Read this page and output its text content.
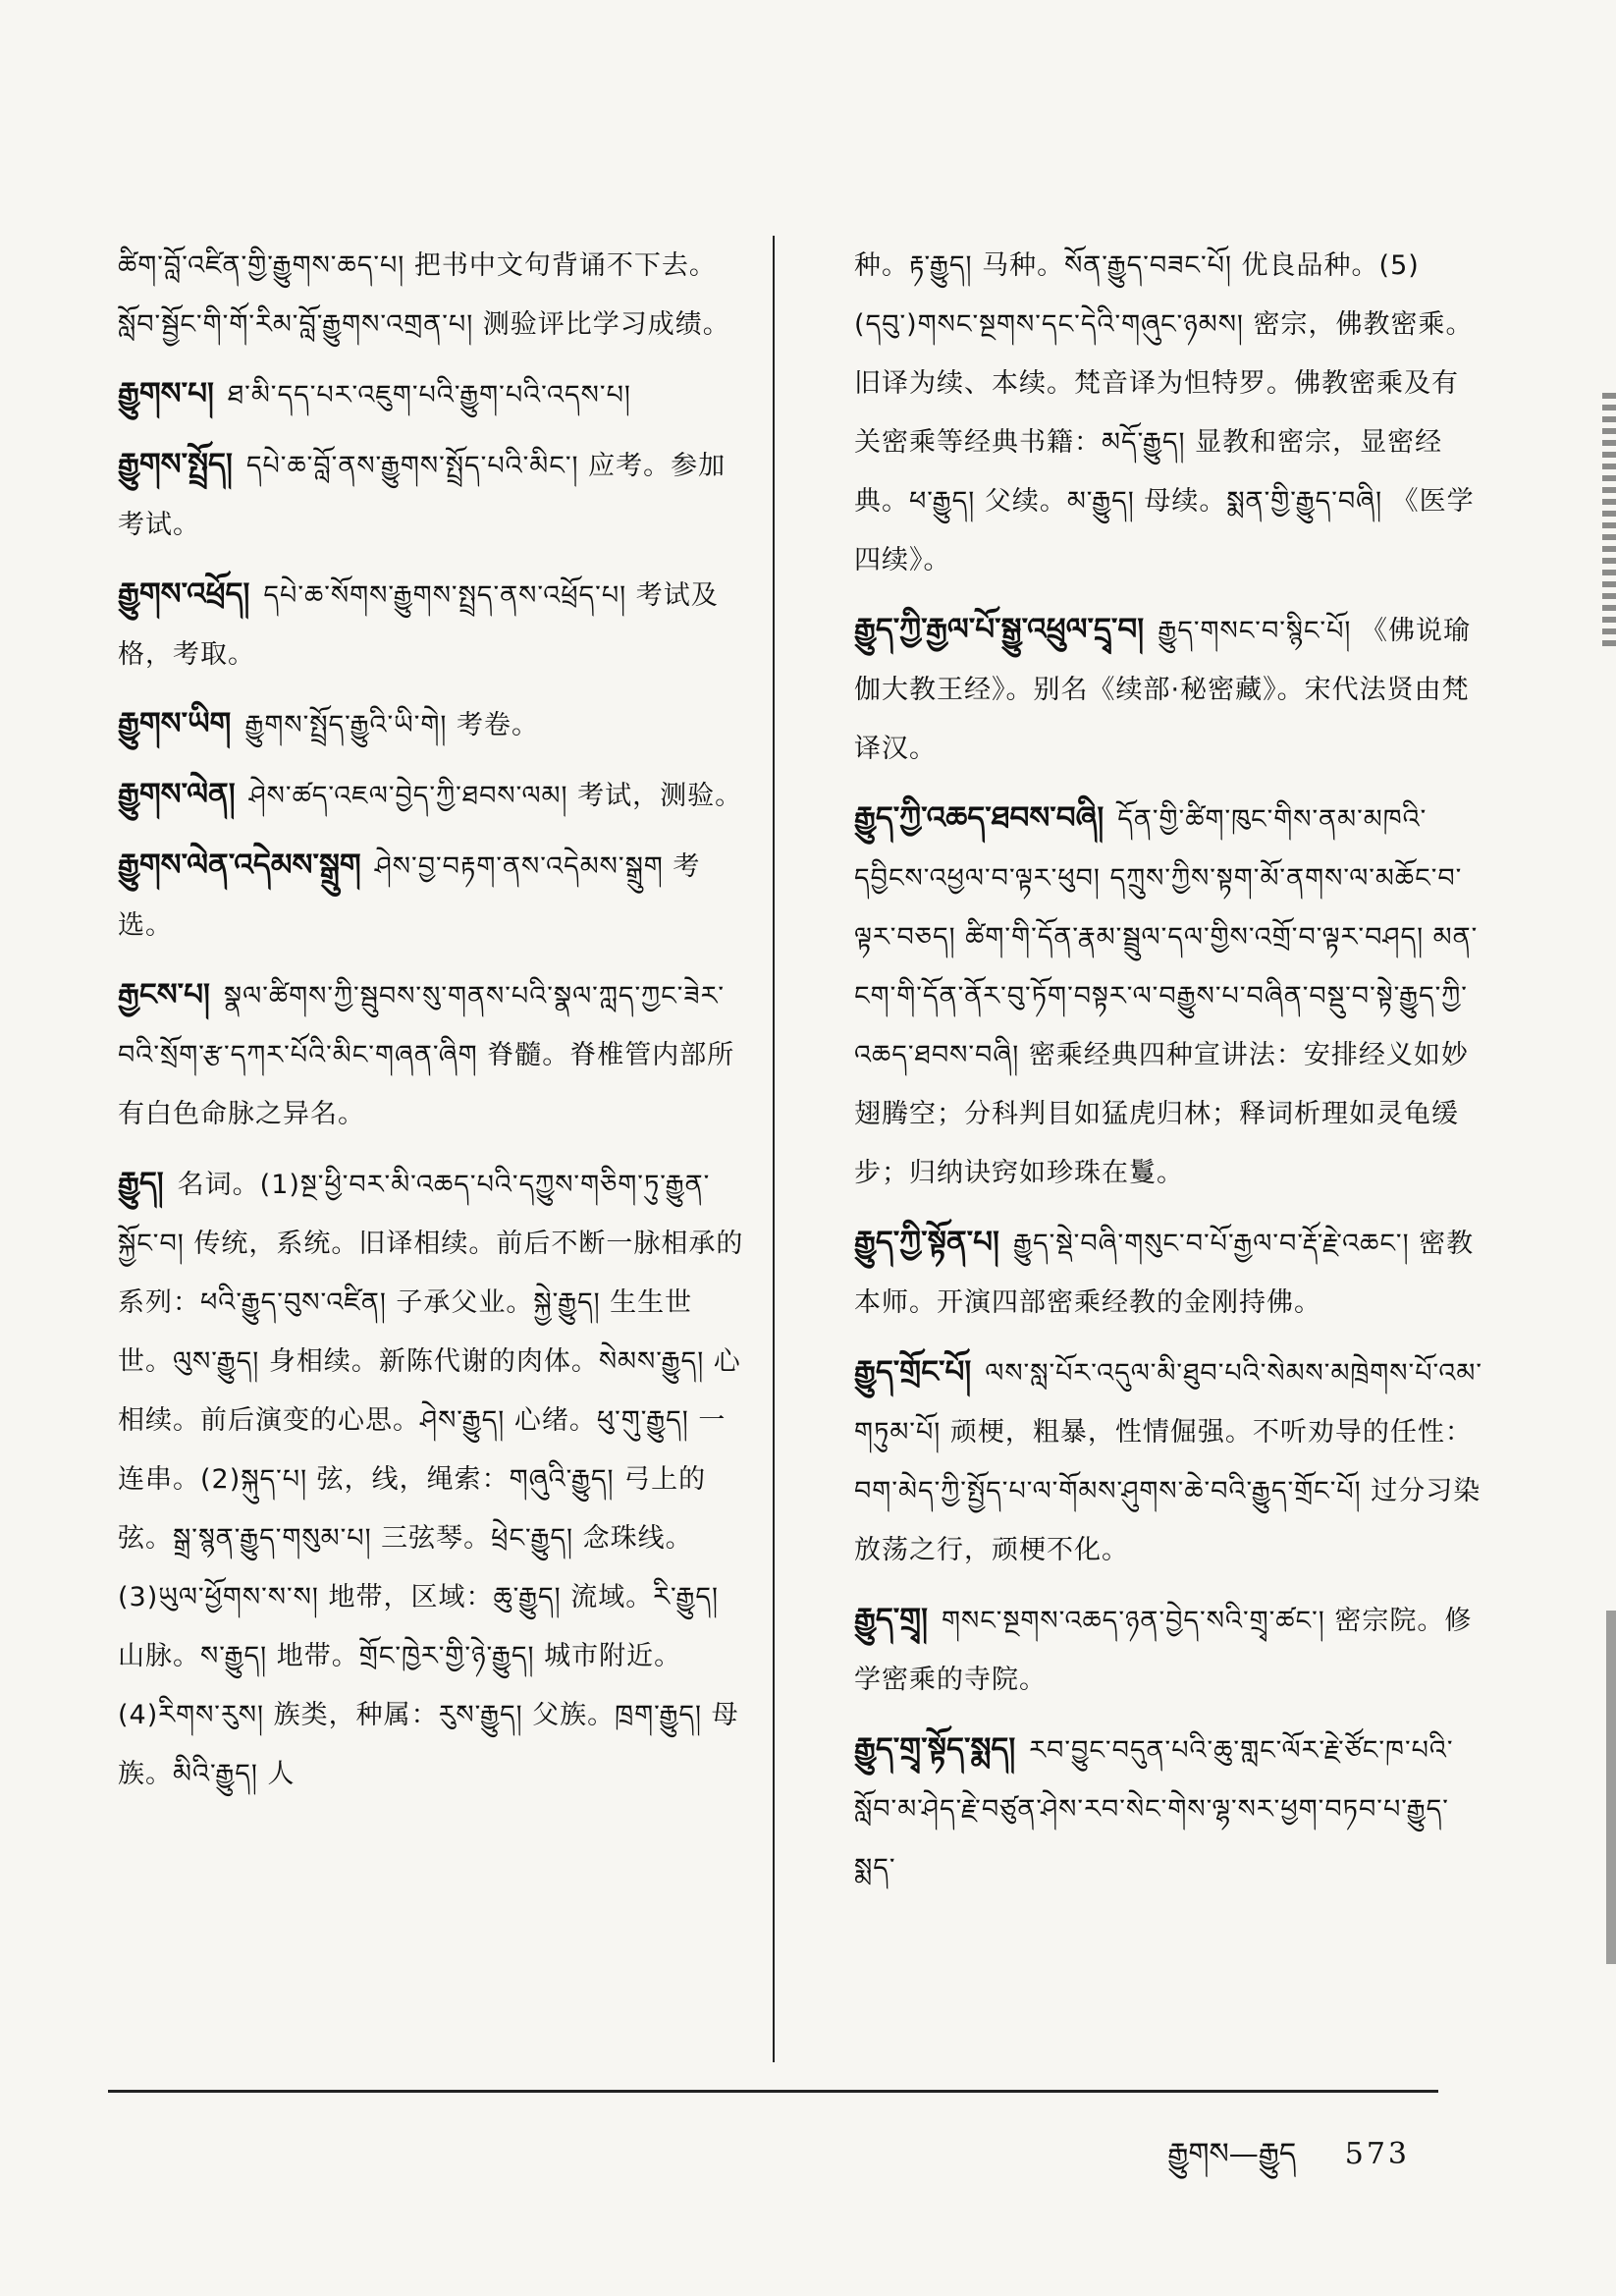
ཚིག་བློ་འཛིན་གྱི་རྒྱུགས་ཆད་པ། 把书中文句背诵不下去。 སློབ་སྦྱོང་གི་གོ་རིམ་བློ་རྒྱུགས་འགྲན་པ། 测验评比学习成绩。
རྒྱུགས་པ། ཐ་མི་དད་པར་འཇུག་པའི་རྒྱུག་པའི་འདས་པ།
རྒྱུགས་སྤྲོད། དཔེ་ཆ་བློ་ནས་རྒྱུགས་སྤྲོད་པའི་མིང་། 应考。参加考试。
རྒྱུགས་འཕྲོད། དཔེ་ཆ་སོགས་རྒྱུགས་སྤྲད་ནས་འཕྲོད་པ། 考试及格，考取。
རྒྱུགས་ཡིག རྒྱུགས་སྤྲོད་རྒྱུའི་ཡི་གེ། 考卷。
རྒྱུགས་ལེན། ཤེས་ཚད་འཇལ་བྱེད་ཀྱི་ཐབས་ལམ། 考试，测验。
རྒྱུགས་ལེན་འདེམས་སྒྲུག ཤེས་བྱ་བརྟག་ནས་འདེམས་སྒྲུག 考选。
རྒྱངས་པ། སྣལ་ཚིགས་ཀྱི་སྦུབས་སུ་གནས་པའི་སྣལ་ཀླད་ཀྱང་ཟེར་བའི་སྲོག་རྩ་དཀར་པོའི་མིང་གཞན་ཞིག 脊髓。脊椎管内部所有白色命脉之异名。
རྒྱུད། 名词。(1)སྔ་ཕྱི་བར་མི་འཆད་པའི་དཀྱུས་གཅིག་ཏུ་རྒྱུན་སྐྱོང་བ། 传统，系统。旧译相续。前后不断一脉相承的系列：ཕའི་རྒྱུད་བུས་འཛིན། 子承父业。སྐྱེ་རྒྱུད། 生生世世。ལུས་རྒྱུད། 身相续。新陈代谢的肉体。སེམས་རྒྱུད། 心相续。前后演变的心思。ཤེས་རྒྱུད། 心绪。ཕུ་གུ་རྒྱུད། 一连串。(2)སྐུད་པ། 弦，线，绳索：གཞུའི་རྒྱུད། 弓上的弦。སྒྲ་སྙན་རྒྱུད་གསུམ་པ། 三弦琴。ཕྲེང་རྒྱུད། 念珠线。(3)ཡུལ་ཕྱོགས་ས་ས། 地带，区域：ཆུ་རྒྱུད། 流域。རི་རྒྱུད། 山脉。ས་རྒྱུད། 地带。གྲོང་ཁྱེར་གྱི་ཉེ་རྒྱུད། 城市附近。(4)རིགས་རུས། 族类，种属：རུས་རྒྱུད། 父族。ཁྲག་རྒྱུད། 母族。མིའི་རྒྱུད། 人
种。རྟ་རྒྱུད། 马种。སོན་རྒྱུད་བཟང་པོ། 优良品种。(5)(དབུ་)གསང་སྔགས་དང་དེའི་གཞུང་ཉམས། 密宗，佛教密乘。旧译为续、本续。梵音译为怛特罗。佛教密乘及有关密乘等经典书籍：མདོ་རྒྱུད། 显教和密宗，显密经典。ཕ་རྒྱུད། 父续。མ་རྒྱུད། 母续。སྨན་གྱི་རྒྱུད་བཞི། 《医学四续》。
རྒྱུད་ཀྱི་རྒྱལ་པོ་སྒྱུ་འཕྲུལ་དྲྭ་བ། རྒྱུད་གསང་བ་སྙིང་པོ། 《佛说瑜伽大教王经》。别名《续部·秘密藏》。宋代法贤由梵译汉。
རྒྱུད་ཀྱི་འཆད་ཐབས་བཞི། དོན་གྱི་ཚིག་ཁུང་གིས་ནམ་མཁའི་དབྱིངས་འཕྱལ་བ་ལྟར་ཕུབ། དཀྲུས་ཀྱིས་སྟག་མོ་ནགས་ལ་མཆོང་བ་ལྟར་བཅད། ཚིག་གི་དོན་རྣམ་སྦྲུལ་དལ་གྱིས་འགྲོ་བ་ལྟར་བཤད། མན་ངག་གི་དོན་ནོར་བུ་ཏོག་བསྟར་ལ་བརྒྱུས་པ་བཞིན་བསྡུ་བ་སྟེ་རྒྱུད་ཀྱི་འཆད་ཐབས་བཞི། 密乘经典四种宣讲法：安排经义如妙翅腾空；分科判目如猛虎归林；释词析理如灵龟缓步；归纳诀窍如珍珠在鬘。
རྒྱུད་ཀྱི་སྟོན་པ། རྒྱུད་སྡེ་བཞི་གསུང་བ་པོ་རྒྱལ་བ་རྡོ་རྗེ་འཆང་། 密教本师。开演四部密乘经教的金刚持佛。
རྒྱུད་གྲོང་པོ། ལས་སླ་པོར་འདུལ་མི་ཐུབ་པའི་སེམས་མཁྲེགས་པོ་འམ་གཏུམ་པོ། 顽梗，粗暴，性情倔强。不听劝导的任性：བག་མེད་ཀྱི་སྤྱོད་པ་ལ་གོམས་ཤུགས་ཆེ་བའི་རྒྱུད་གྲོང་པོ། 过分习染放荡之行，顽梗不化。
རྒྱུད་གྲྭ། གསང་སྔགས་འཆད་ཉན་བྱེད་སའི་གྲྭ་ཚང་། 密宗院。修学密乘的寺院。
རྒྱུད་གྲྭ་སྟོད་སྨད། རབ་བྱུང་བདུན་པའི་ཆུ་གླང་ལོར་རྗེ་ཙོང་ཁ་པའི་སློབ་མ་ཤེད་རྗེ་བཙུན་ཤེས་རབ་སེང་གེས་ལྷ་སར་ཕྱག་བཏབ་པ་རྒྱུད་སྨད་
རྒྱུགས—རྒྱུད 573
